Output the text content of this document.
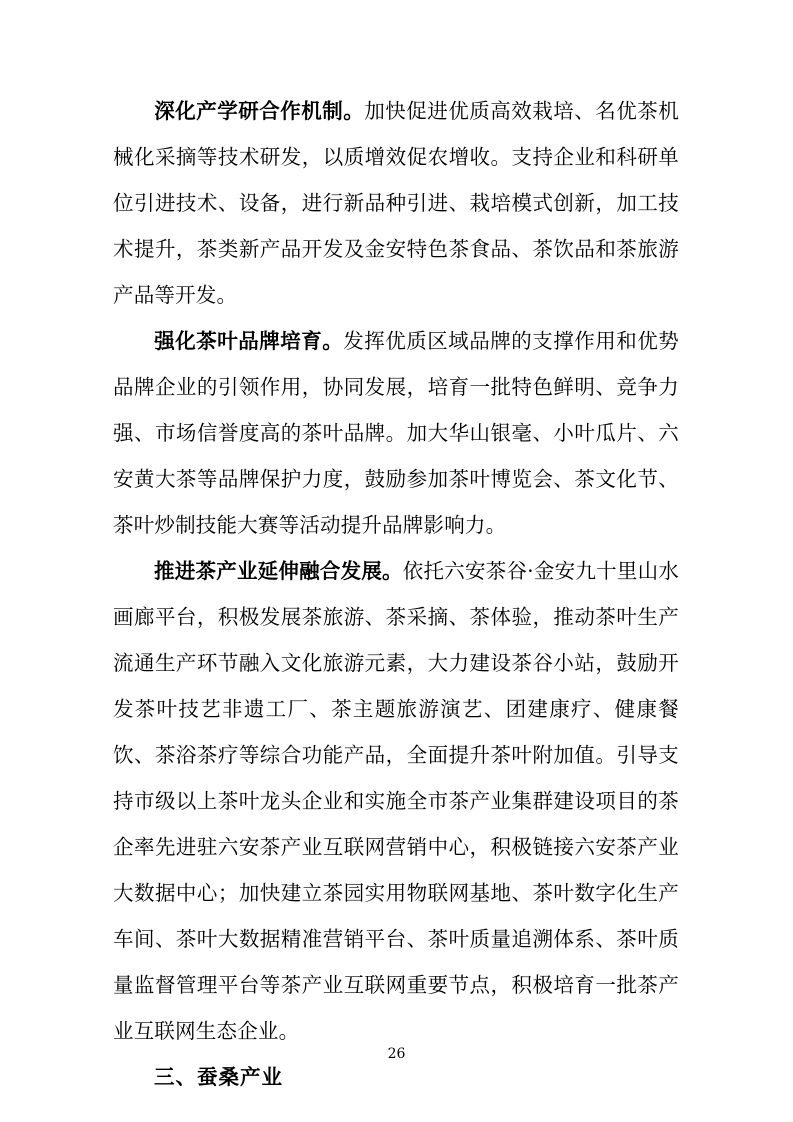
深化产学研合作机制。加快促进优质高效栽培、名优茶机械化采摘等技术研发，以质增效促农增收。支持企业和科研单位引进技术、设备，进行新品种引进、栽培模式创新，加工技术提升，茶类新产品开发及金安特色茶食品、茶饮品和茶旅游产品等开发。

强化茶叶品牌培育。发挥优质区域品牌的支撑作用和优势品牌企业的引领作用，协同发展，培育一批特色鲜明、竞争力强、市场信誉度高的茶叶品牌。加大华山银毫、小叶瓜片、六安黄大茶等品牌保护力度，鼓励参加茶叶博览会、茶文化节、茶叶炒制技能大赛等活动提升品牌影响力。

推进茶产业延伸融合发展。依托六安茶谷·金安九十里山水画廊平台，积极发展茶旅游、茶采摘、茶体验，推动茶叶生产流通生产环节融入文化旅游元素，大力建设茶谷小站，鼓励开发茶叶技艺非遗工厂、茶主题旅游演艺、团建康疗、健康餐饮、茶浴茶疗等综合功能产品，全面提升茶叶附加值。引导支持市级以上茶叶龙头企业和实施全市茶产业集群建设项目的茶企率先进驻六安茶产业互联网营销中心，积极链接六安茶产业大数据中心；加快建立茶园实用物联网基地、茶叶数字化生产车间、茶叶大数据精准营销平台、茶叶质量追溯体系、茶叶质量监督管理平台等茶产业互联网重要节点，积极培育一批茶产业互联网生态企业。

三、蚕桑产业

26
